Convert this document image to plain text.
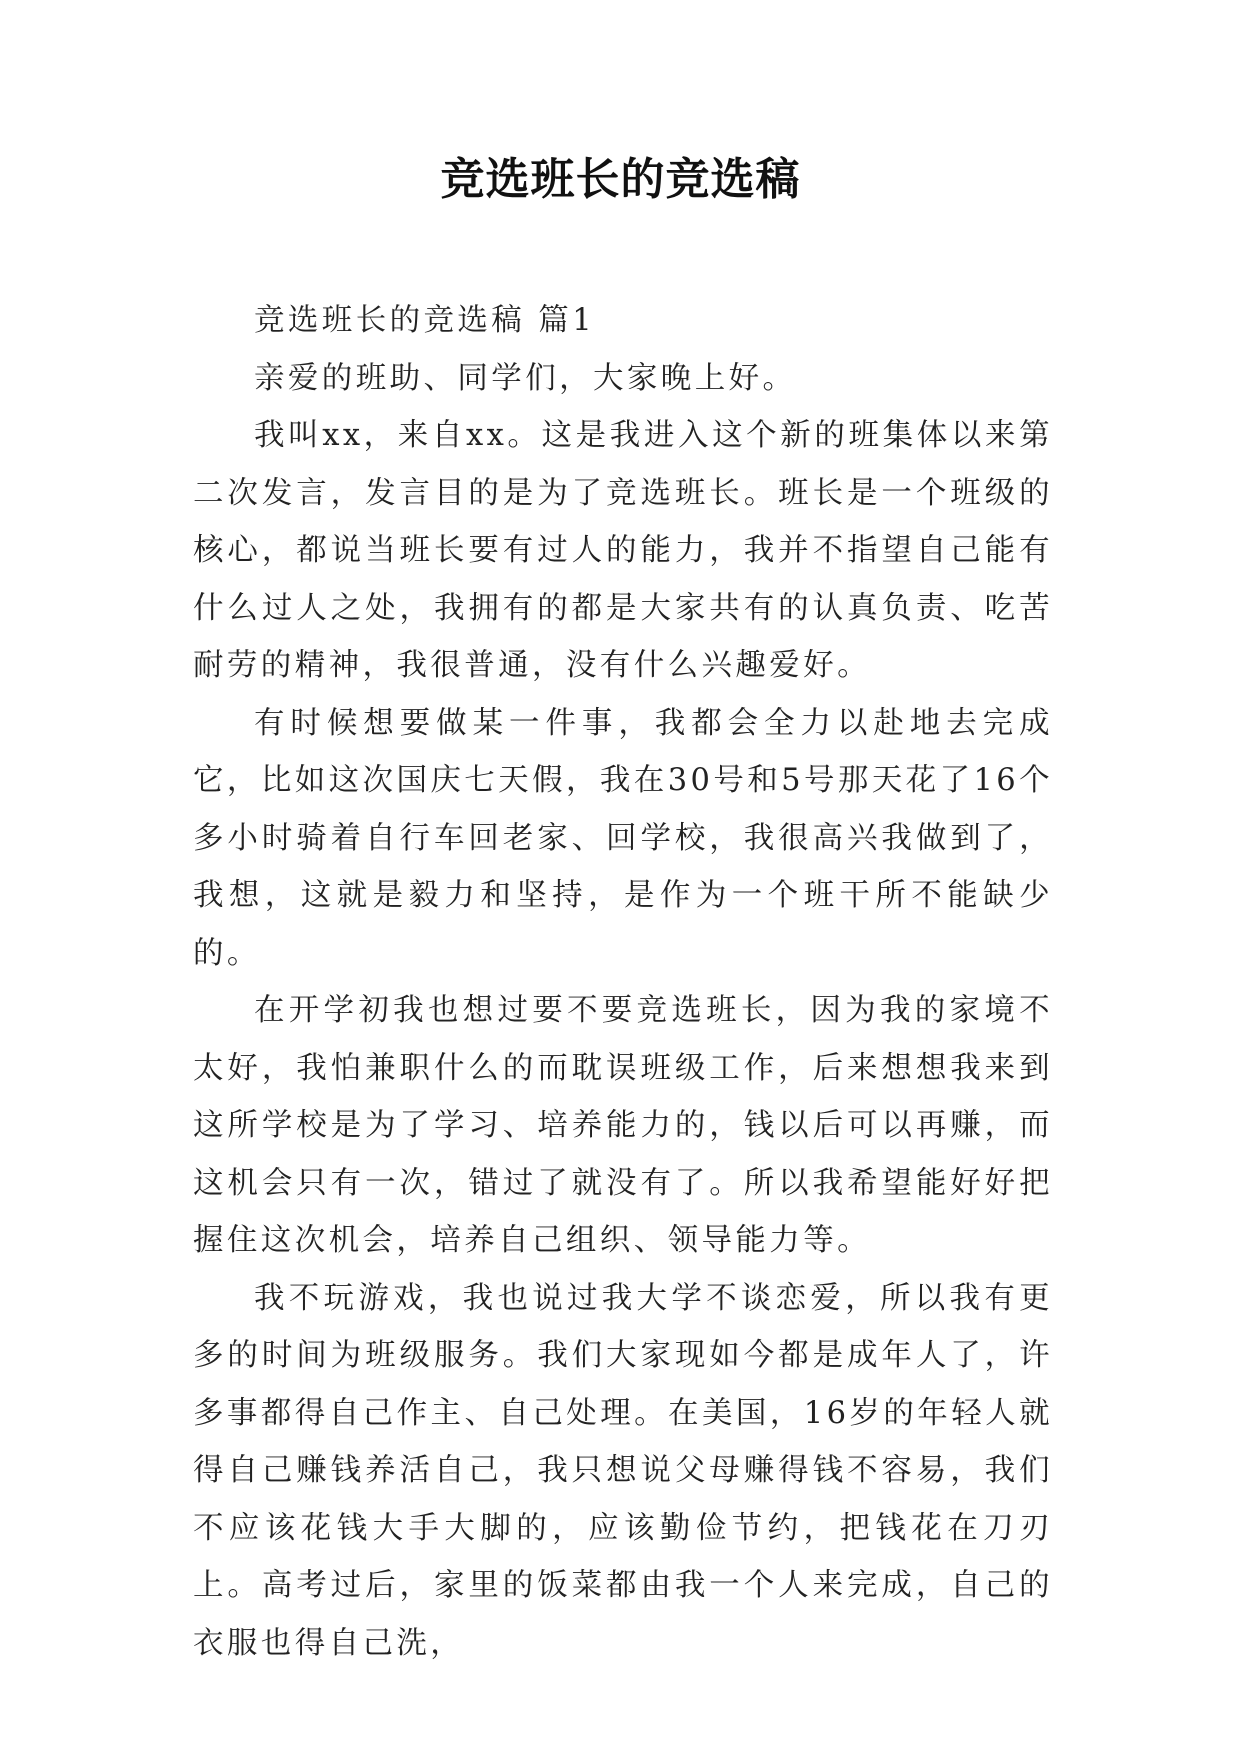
竞选班长的竞选稿

竞选班长的竞选稿 篇1

亲爱的班助、同学们，大家晚上好。

我叫xx，来自xx。这是我进入这个新的班集体以来第二次发言，发言目的是为了竞选班长。班长是一个班级的核心，都说当班长要有过人的能力，我并不指望自己能有什么过人之处，我拥有的都是大家共有的认真负责、吃苦耐劳的精神，我很普通，没有什么兴趣爱好。

有时候想要做某一件事，我都会全力以赴地去完成它，比如这次国庆七天假，我在30号和5号那天花了16个多小时骑着自行车回老家、回学校，我很高兴我做到了，我想，这就是毅力和坚持，是作为一个班干所不能缺少的。

在开学初我也想过要不要竞选班长，因为我的家境不太好，我怕兼职什么的而耽误班级工作，后来想想我来到这所学校是为了学习、培养能力的，钱以后可以再赚，而这机会只有一次，错过了就没有了。所以我希望能好好把握住这次机会，培养自己组织、领导能力等。

我不玩游戏，我也说过我大学不谈恋爱，所以我有更多的时间为班级服务。我们大家现如今都是成年人了，许多事都得自己作主、自己处理。在美国，16岁的年轻人就得自己赚钱养活自己，我只想说父母赚得钱不容易，我们不应该花钱大手大脚的，应该勤俭节约，把钱花在刀刃上。高考过后，家里的饭菜都由我一个人来完成，自己的衣服也得自己洗，
